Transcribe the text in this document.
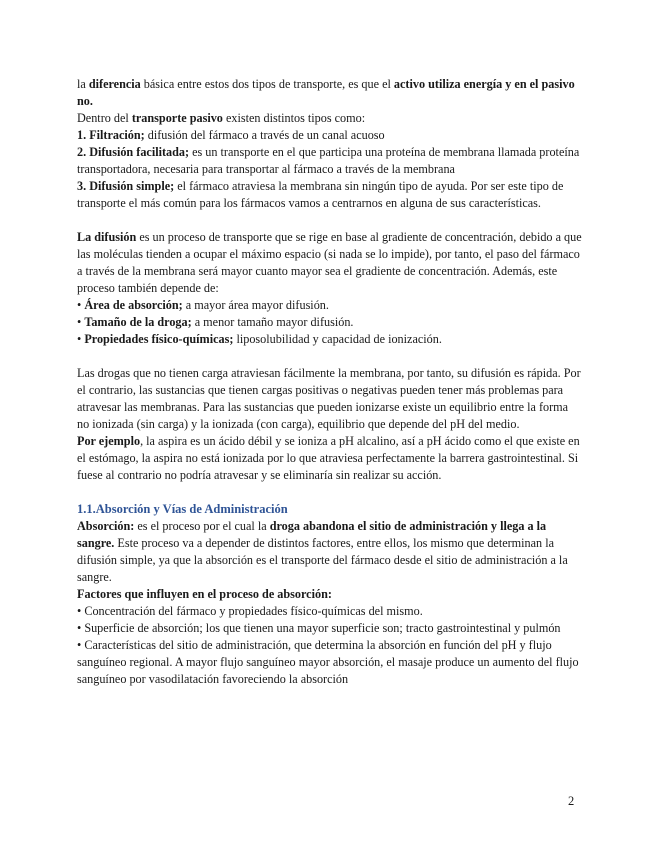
la diferencia básica entre estos dos tipos de transporte, es que el activo utiliza energía y en el pasivo no.

Dentro del transporte pasivo existen distintos tipos como:

1. Filtración; difusión del fármaco a través de un canal acuoso

2. Difusión facilitada; es un transporte en el que participa una proteína de membrana llamada proteína transportadora, necesaria para transportar al fármaco a través de la membrana

3. Difusión simple; el fármaco atraviesa la membrana sin ningún tipo de ayuda. Por ser este tipo de transporte el más común para los fármacos vamos a centrarnos en alguna de sus características.

La difusión es un proceso de transporte que se rige en base al gradiente de concentración, debido a que las moléculas tienden a ocupar el máximo espacio (si nada se lo impide), por tanto, el paso del fármaco a través de la membrana será mayor cuanto mayor sea el gradiente de concentración. Además, este proceso también depende de:

• Área de absorción; a mayor área mayor difusión.

• Tamaño de la droga; a menor tamaño mayor difusión.

• Propiedades físico-químicas; liposolubilidad y capacidad de ionización.

Las drogas que no tienen carga atraviesan fácilmente la membrana, por tanto, su difusión es rápida. Por el contrario, las sustancias que tienen cargas positivas o negativas pueden tener más problemas para atravesar las membranas. Para las sustancias que pueden ionizarse existe un equilibrio entre la forma no ionizada (sin carga) y la ionizada (con carga), equilibrio que depende del pH del medio.

Por ejemplo, la aspira es un ácido débil y se ioniza a pH alcalino, así a pH ácido como el que existe en el estómago, la aspira no está ionizada por lo que atraviesa perfectamente la barrera gastrointestinal. Si fuese al contrario no podría atravesar y se eliminaría sin realizar su acción.

1.1.Absorción y Vías de Administración

Absorción: es el proceso por el cual la droga abandona el sitio de administración y llega a la sangre. Este proceso va a depender de distintos factores, entre ellos, los mismo que determinan la difusión simple, ya que la absorción es el transporte del fármaco desde el sitio de administración a la sangre.

Factores que influyen en el proceso de absorción:

• Concentración del fármaco y propiedades físico-químicas del mismo.

• Superficie de absorción; los que tienen una mayor superficie son; tracto gastrointestinal y pulmón

• Características del sitio de administración, que determina la absorción en función del pH y flujo sanguíneo regional. A mayor flujo sanguíneo mayor absorción, el masaje produce un aumento del flujo sanguíneo por vasodilatación favoreciendo la absorción

2
